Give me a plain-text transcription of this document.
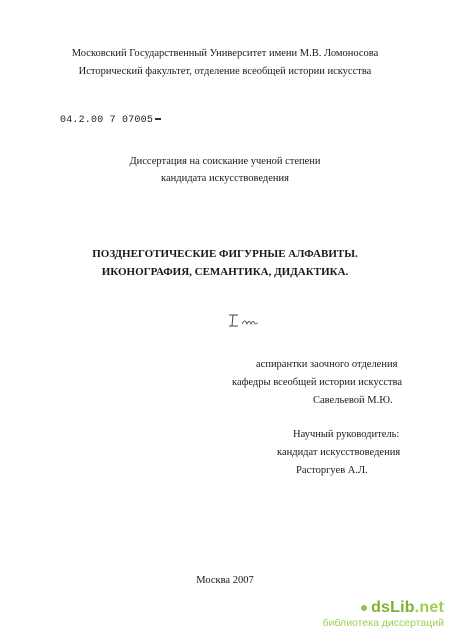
Московский Государственный Университет имени М.В. Ломоносова
Исторический факультет, отделение всеобщей истории искусства
04.2.00 7 07005
Диссертация на соискание ученой степени
кандидата искусствоведения
ПОЗДНЕГОТИЧЕСКИЕ ФИГУРНЫЕ АЛФАВИТЫ.
ИКОНОГРАФИЯ, СЕМАНТИКА, ДИДАКТИКА.
аспирантки заочного отделения
кафедры всеобщей истории искусства
Савельевой М.Ю.
Научный руководитель:
кандидат искусствоведения
Расторгуев А.Л.
Москва 2007
dsLib.net
библиотека диссертаций
